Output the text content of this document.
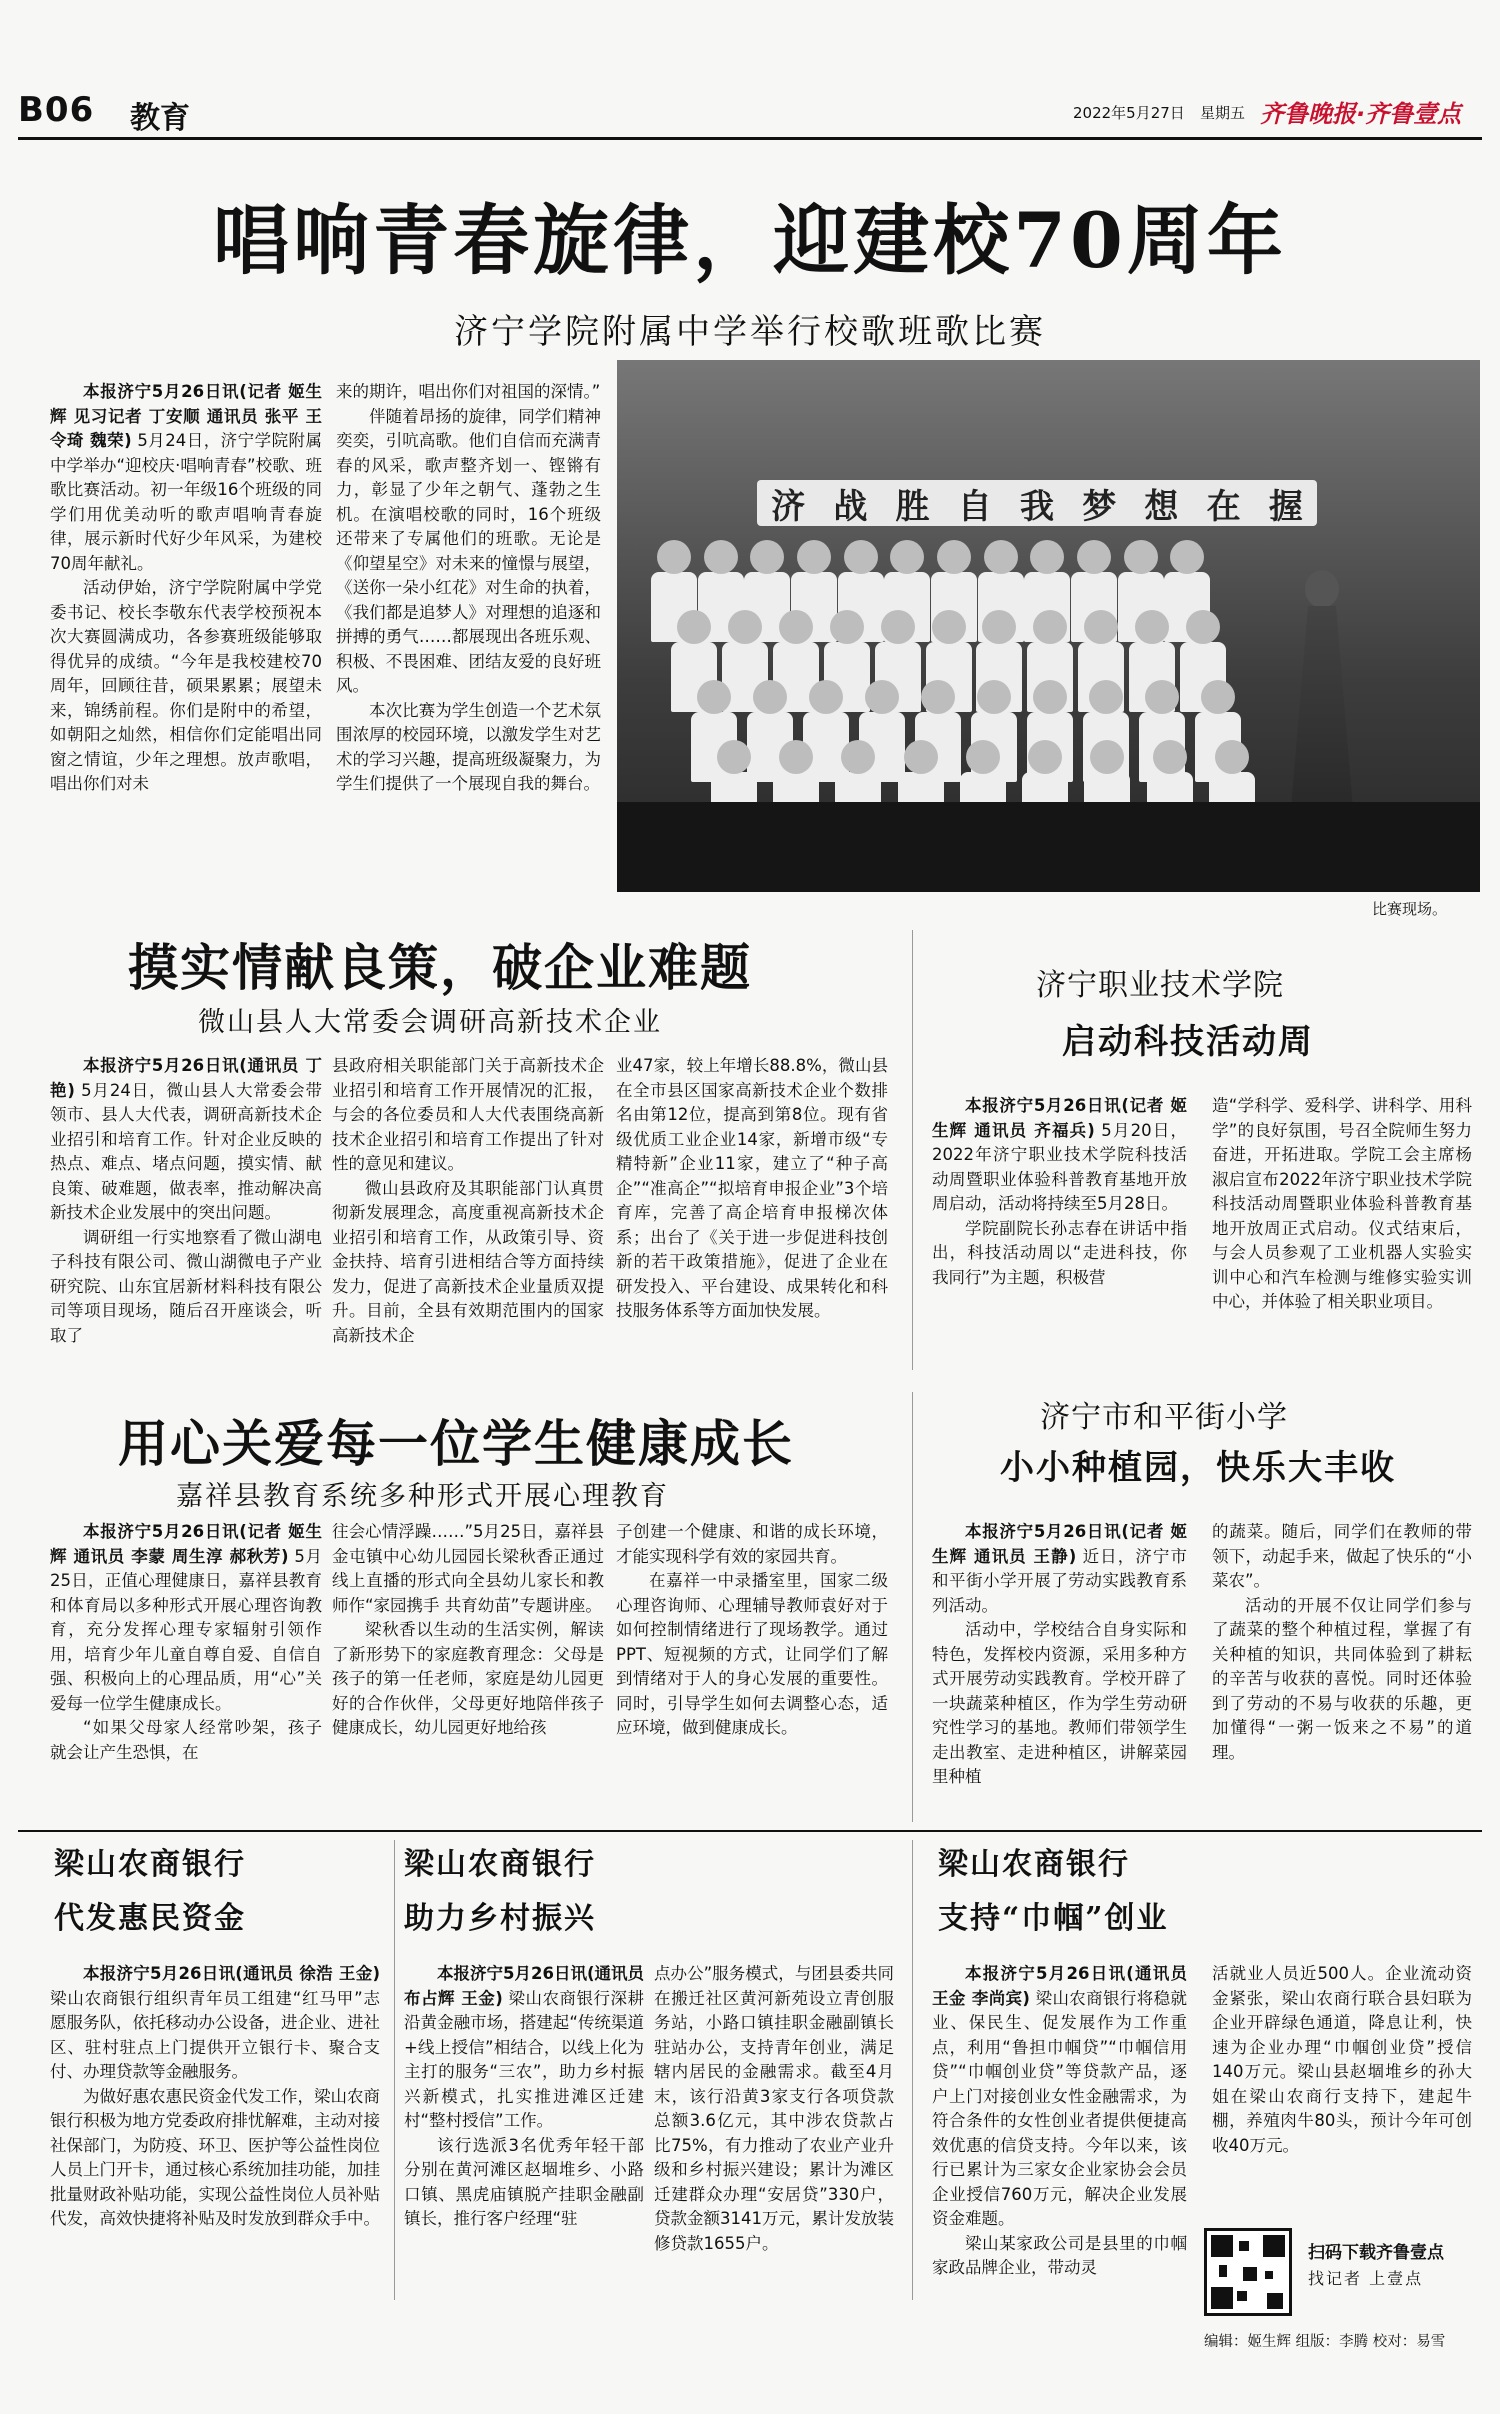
B06 教育	2022年5月27日 星期五 齐鲁晚报·齐鲁壹点
唱响青春旋律，迎建校70周年
济宁学院附属中学举行校歌班歌比赛

本报济宁5月26日讯(记者 姬生辉 见习记者 丁安顺 通讯员 张平 王令琦 魏荣) 5月24日，济宁学院附属中学举办“迎校庆·唱响青春”校歌、班歌比赛活动。初一年级16个班级的同学们用优美动听的歌声唱响青春旋律，展示新时代好少年风采，为建校70周年献礼。

活动伊始，济宁学院附属中学党委书记、校长李敬东代表学校预祝本次大赛圆满成功，各参赛班级能够取得优异的成绩。“今年是我校建校70周年，回顾往昔，硕果累累；展望未来，锦绣前程。你们是附中的希望，如朝阳之灿然，相信你们定能唱出同窗之情谊，少年之理想。放声歌唱，唱出你们对未

来的期许，唱出你们对祖国的深情。”

伴随着昂扬的旋律，同学们精神奕奕，引吭高歌。他们自信而充满青春的风采，歌声整齐划一、铿锵有力，彰显了少年之朝气、蓬勃之生机。在演唱校歌的同时，16个班级还带来了专属他们的班歌。无论是《仰望星空》对未来的憧憬与展望，《送你一朵小红花》对生命的执着，《我们都是追梦人》对理想的追逐和拼搏的勇气……都展现出各班乐观、积极、不畏困难、团结友爱的良好班风。

本次比赛为学生创造一个艺术氛围浓厚的校园环境，以激发学生对艺术的学习兴趣，提高班级凝聚力，为学生们提供了一个展现自我的舞台。

济 战 胜 自 我 梦 想 在 握
比赛现场。
摸实情献良策，破企业难题
微山县人大常委会调研高新技术企业

本报济宁5月26日讯(通讯员 丁艳) 5月24日，微山县人大常委会带领市、县人大代表，调研高新技术企业招引和培育工作。针对企业反映的热点、难点、堵点问题，摸实情、献良策、破难题，做表率，推动解决高新技术企业发展中的突出问题。

调研组一行实地察看了微山湖电子科技有限公司、微山湖微电子产业研究院、山东宜居新材料科技有限公司等项目现场，随后召开座谈会，听取了

县政府相关职能部门关于高新技术企业招引和培育工作开展情况的汇报，与会的各位委员和人大代表围绕高新技术企业招引和培育工作提出了针对性的意见和建议。

微山县政府及其职能部门认真贯彻新发展理念，高度重视高新技术企业招引和培育工作，从政策引导、资金扶持、培育引进相结合等方面持续发力，促进了高新技术企业量质双提升。目前，全县有效期范围内的国家高新技术企

业47家，较上年增长88.8%，微山县在全市县区国家高新技术企业个数排名由第12位，提高到第8位。现有省级优质工业企业14家，新增市级“专精特新”企业11家，建立了“种子高企”“准高企”“拟培育申报企业”3个培育库，完善了高企培育申报梯次体系；出台了《关于进一步促进科技创新的若干政策措施》，促进了企业在研发投入、平台建设、成果转化和科技服务体系等方面加快发展。

济宁职业技术学院
启动科技活动周

本报济宁5月26日讯(记者 姬生辉 通讯员 齐福兵) 5月20日，2022年济宁职业技术学院科技活动周暨职业体验科普教育基地开放周启动，活动将持续至5月28日。

学院副院长孙志春在讲话中指出，科技活动周以“走进科技，你我同行”为主题，积极营

造“学科学、爱科学、讲科学、用科学”的良好氛围，号召全院师生努力奋进，开拓进取。学院工会主席杨淑启宣布2022年济宁职业技术学院科技活动周暨职业体验科普教育基地开放周正式启动。仪式结束后，与会人员参观了工业机器人实验实训中心和汽车检测与维修实验实训中心，并体验了相关职业项目。

用心关爱每一位学生健康成长
嘉祥县教育系统多种形式开展心理教育

本报济宁5月26日讯(记者 姬生辉 通讯员 李蒙 周生淳 郝秋芳) 5月25日，正值心理健康日，嘉祥县教育和体育局以多种形式开展心理咨询教育，充分发挥心理专家辐射引领作用，培育少年儿童自尊自爱、自信自强、积极向上的心理品质，用“心”关爱每一位学生健康成长。

“如果父母家人经常吵架，孩子就会让产生恐惧，在

往会心情浮躁……”5月25日，嘉祥县金屯镇中心幼儿园园长梁秋香正通过线上直播的形式向全县幼儿家长和教师作“家园携手 共育幼苗”专题讲座。

梁秋香以生动的生活实例，解读了新形势下的家庭教育理念：父母是孩子的第一任老师，家庭是幼儿园更好的合作伙伴，父母更好地陪伴孩子健康成长，幼儿园更好地给孩

子创建一个健康、和谐的成长环境，才能实现科学有效的家园共育。

在嘉祥一中录播室里，国家二级心理咨询师、心理辅导教师袁好对于如何控制情绪进行了现场教学。通过PPT、短视频的方式，让同学们了解到情绪对于人的身心发展的重要性。同时，引导学生如何去调整心态，适应环境，做到健康成长。

济宁市和平街小学
小小种植园，快乐大丰收

本报济宁5月26日讯(记者 姬生辉 通讯员 王静) 近日，济宁市和平街小学开展了劳动实践教育系列活动。

活动中，学校结合自身实际和特色，发挥校内资源，采用多种方式开展劳动实践教育。学校开辟了一块蔬菜种植区，作为学生劳动研究性学习的基地。教师们带领学生走出教室、走进种植区，讲解菜园里种植

的蔬菜。随后，同学们在教师的带领下，动起手来，做起了快乐的“小菜农”。

活动的开展不仅让同学们参与了蔬菜的整个种植过程，掌握了有关种植的知识，共同体验到了耕耘的辛苦与收获的喜悦。同时还体验到了劳动的不易与收获的乐趣，更加懂得“一粥一饭来之不易”的道理。

梁山农商银行
代发惠民资金

本报济宁5月26日讯(通讯员 徐浩 王金) 梁山农商银行组织青年员工组建“红马甲”志愿服务队，依托移动办公设备，进企业、进社区、驻村驻点上门提供开立银行卡、聚合支付、办理贷款等金融服务。

为做好惠农惠民资金代发工作，梁山农商银行积极为地方党委政府排忧解难，主动对接社保部门，为防疫、环卫、医护等公益性岗位人员上门开卡，通过核心系统加挂功能，加挂批量财政补贴功能，实现公益性岗位人员补贴代发，高效快捷将补贴及时发放到群众手中。

梁山农商银行
助力乡村振兴

本报济宁5月26日讯(通讯员 布占辉 王金) 梁山农商银行深耕沿黄金融市场，搭建起“传统渠道+线上授信”相结合，以线上化为主打的服务“三农”，助力乡村振兴新模式，扎实推进滩区迁建村“整村授信”工作。

该行选派3名优秀年轻干部分别在黄河滩区赵堌堆乡、小路口镇、黑虎庙镇脱产挂职金融副镇长，推行客户经理“驻

点办公”服务模式，与团县委共同在搬迁社区黄河新苑设立青创服务站，小路口镇挂职金融副镇长驻站办公，支持青年创业，满足辖内居民的金融需求。截至4月末，该行沿黄3家支行各项贷款总额3.6亿元，其中涉农贷款占比75%，有力推动了农业产业升级和乡村振兴建设；累计为滩区迁建群众办理“安居贷”330户，贷款金额3141万元，累计发放装修贷款1655户。

梁山农商银行
支持“巾帼”创业

本报济宁5月26日讯(通讯员 王金 李尚宾) 梁山农商银行将稳就业、保民生、促发展作为工作重点，利用“鲁担巾帼贷”“巾帼信用贷”“巾帼创业贷”等贷款产品，逐户上门对接创业女性金融需求，为符合条件的女性创业者提供便捷高效优惠的信贷支持。今年以来，该行已累计为三家女企业家协会会员企业授信760万元，解决企业发展资金难题。

梁山某家政公司是县里的巾帼家政品牌企业，带动灵

活就业人员近500人。企业流动资金紧张，梁山农商行联合县妇联为企业开辟绿色通道，降息让利，快速为企业办理“巾帼创业贷”授信140万元。梁山县赵堌堆乡的孙大姐在梁山农商行支持下，建起牛棚，养殖肉牛80头，预计今年可创收40万元。

扫码下载齐鲁壹点
找记者 上壹点
编辑：姬生辉 组版：李腾 校对：易雪
